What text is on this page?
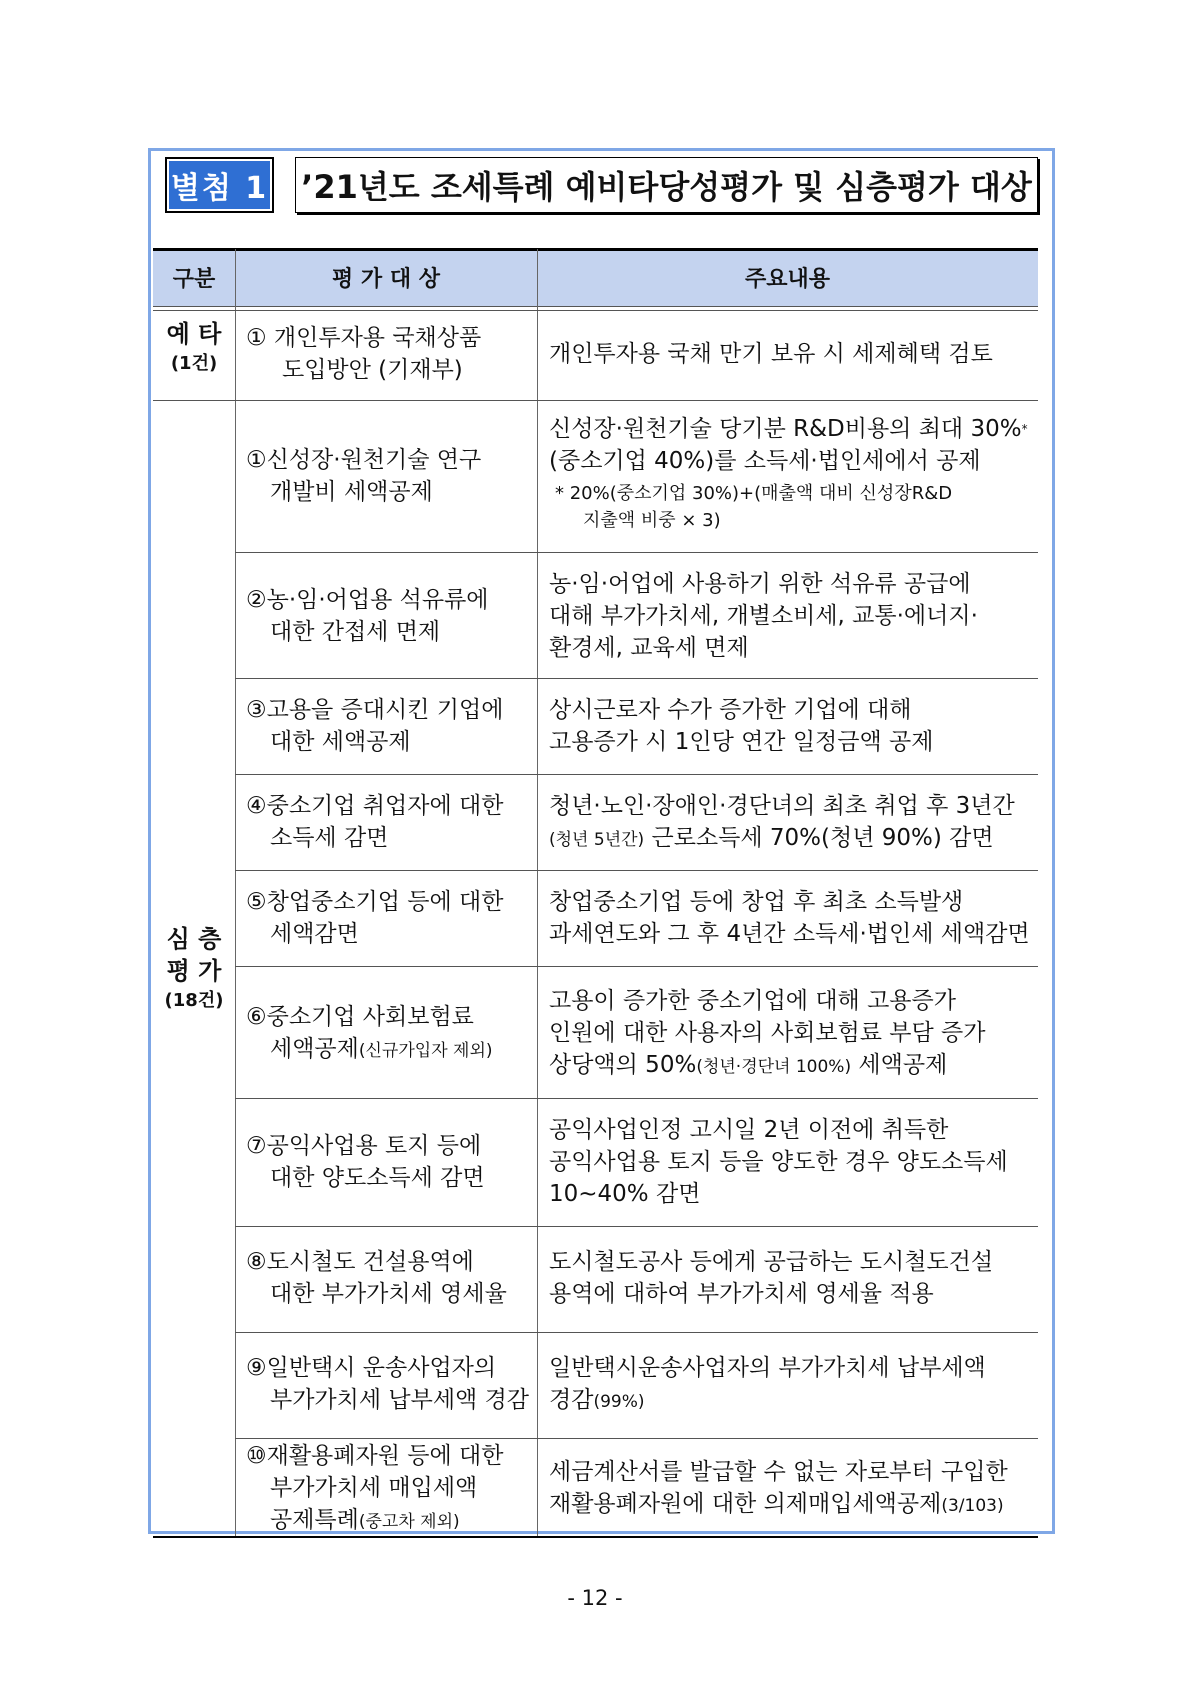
별첨 1 ’21년도 조세특례 예비타당성평가 및 심층평가 대상
구분	평 가 대 상	주요내용
예 타
(1건)
심 층
평 가
(18건)

① 개인투자용 국채상품

도입방안 (기재부)

개인투자용 국채 만기 보유 시 세제혜택 검토

①신성장·원천기술 연구

개발비 세액공제

신성장·원천기술 당기분 R&D비용의 최대 30%*

(중소기업 40%)를 소득세·법인세에서 공제

* 20%(중소기업 30%)+(매출액 대비 신성장R&D

지출액 비중 × 3)

②농·임·어업용 석유류에

대한 간접세 면제

농·임·어업에 사용하기 위한 석유류 공급에

대해 부가가치세, 개별소비세, 교통·에너지·

환경세, 교육세 면제

③고용을 증대시킨 기업에

대한 세액공제

상시근로자 수가 증가한 기업에 대해

고용증가 시 1인당 연간 일정금액 공제

④중소기업 취업자에 대한

소득세 감면

청년·노인·장애인·경단녀의 최초 취업 후 3년간

(청년 5년간) 근로소득세 70%(청년 90%) 감면

⑤창업중소기업 등에 대한

세액감면

창업중소기업 등에 창업 후 최초 소득발생

과세연도와 그 후 4년간 소득세·법인세 세액감면

⑥중소기업 사회보험료

세액공제(신규가입자 제외)

고용이 증가한 중소기업에 대해 고용증가

인원에 대한 사용자의 사회보험료 부담 증가

상당액의 50%(청년·경단녀 100%) 세액공제

⑦공익사업용 토지 등에

대한 양도소득세 감면

공익사업인정 고시일 2년 이전에 취득한

공익사업용 토지 등을 양도한 경우 양도소득세

10~40% 감면

⑧도시철도 건설용역에

대한 부가가치세 영세율

도시철도공사 등에게 공급하는 도시철도건설

용역에 대하여 부가가치세 영세율 적용

⑨일반택시 운송사업자의

부가가치세 납부세액 경감

일반택시운송사업자의 부가가치세 납부세액

경감(99%)

⑩재활용폐자원 등에 대한

부가가치세 매입세액

공제특례(중고차 제외)

세금계산서를 발급할 수 없는 자로부터 구입한

재활용폐자원에 대한 의제매입세액공제(3/103)

- 12 -
